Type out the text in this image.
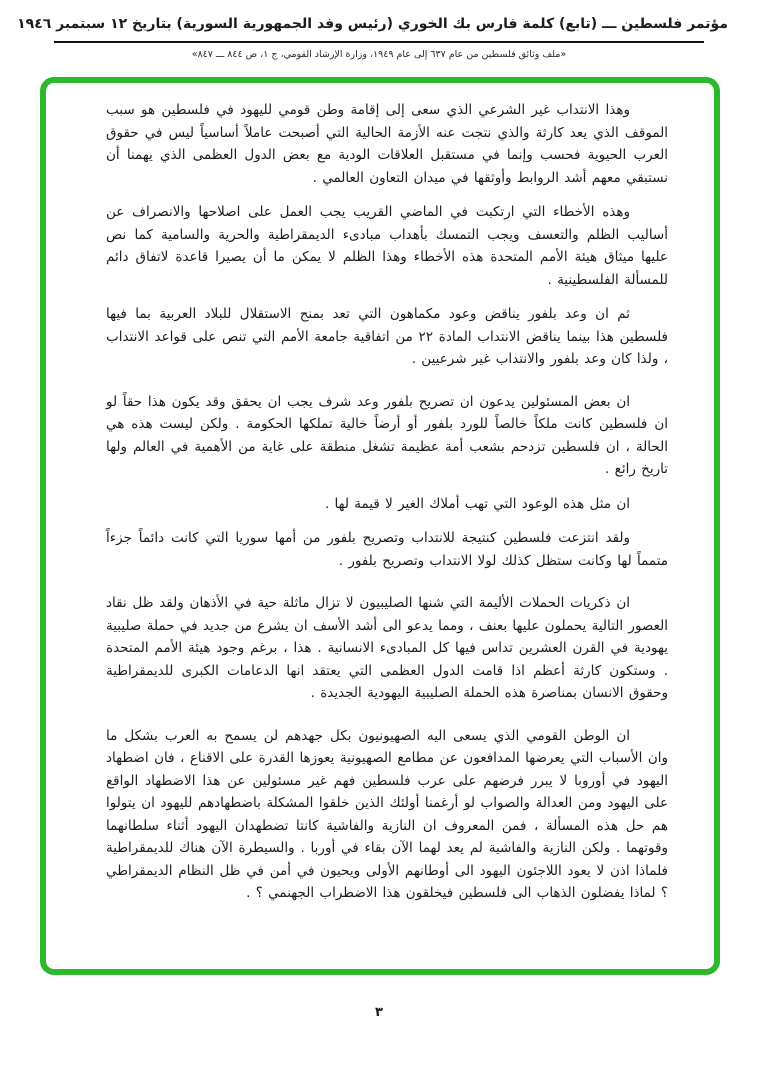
مؤتمر فلسطين ـــ (تابع) كلمة فارس بك الخوري (رئيس وفد الجمهورية السورية) بتاريخ ١٢ سبتمبر ١٩٤٦
«ملف وثائق فلسطين من عام ٦٣٧ إلى عام ١٩٤٩، وزارة الإرشاد القومي، ج ١، ص ٨٤٤ ـــ ٨٤٧»

وهذا الانتداب غير الشرعي الذي سعى إلى إقامة وطن قومي لليهود في فلسطين هو سبب الموقف الذي يعد كارثة والذي نتجت عنه الأزمة الحالية التي أصبحت عاملاً أساسياً ليس في حقوق العرب الحيوية فحسب وإنما في مستقبل العلاقات الودية مع بعض الدول العظمى الذي يهمنا أن نستبقي معهم أشد الروابط وأوثقها في ميدان التعاون العالمي .

وهذه الأخطاء التي ارتكبت في الماضي القريب يجب العمل على اصلاحها والانصراف عن أساليب الظلم والتعسف ويجب التمسك بأهداب مبادىء الديمقراطية والحرية والسامية كما نص عليها ميثاق هيئة الأمم المتحدة هذه الأخطاء وهذا الظلم لا يمكن ما أن يصيرا قاعدة لاتفاق دائم للمسألة الفلسطينية .

ثم ان وعد بلفور يناقض وعود مكماهون التي تعد بمنح الاستقلال للبلاد العربية بما فيها فلسطين هذا بينما يناقض الانتداب المادة ٢٢ من اتفاقية جامعة الأمم التي تنص على قواعد الانتداب ، ولذا كان وعد بلفور والانتداب غير شرعيين .

ان بعض المسئولين يدعون ان تصريح بلفور وعد شرف يجب ان يحقق وقد يكون هذا حقاً لو ان فلسطين كانت ملكاً خالصاً للورد بلفور أو أرضاً خالية تملكها الحكومة . ولكن ليست هذه هي الحالة ، ان فلسطين تزدحم بشعب أمة عظيمة تشغل منطقة على غاية من الأهمية في العالم ولها تاريخ رائع .

ان مثل هذه الوعود التي تهب أملاك الغير لا قيمة لها .

ولقد انتزعت فلسطين كنتيجة للانتداب وتصريح بلفور من أمها سوريا التي كانت دائماً جزءاً متمماً لها وكانت ستظل كذلك لولا الانتداب وتصريح بلفور .

ان ذكريات الحملات الأليمة التي شنها الصليبيون لا تزال ماثلة حية في الأذهان ولقد ظل نقاد العصور التالية يحملون عليها بعنف ، ومما يدعو الى أشد الأسف ان يشرع من جديد في حملة صليبية يهودية في القرن العشرين تداس فيها كل المبادىء الانسانية . هذا ، برغم وجود هيئة الأمم المتحدة . وستكون كارثة أعظم اذا قامت الدول العظمى التي يعتقد انها الدعامات الكبرى للديمقراطية وحقوق الانسان بمناصرة هذه الحملة الصليبية اليهودية الجديدة .

ان الوطن القومي الذي يسعى اليه الصهيونيون بكل جهدهم لن يسمح به العرب بشكل ما وان الأسباب التي يعرضها المدافعون عن مطامع الصهيونية يعوزها القدرة على الاقناع ، فان اضطهاد اليهود في أوروبا لا يبرر فرضهم على عرب فلسطين فهم غير مسئولين عن هذا الاضطهاد الواقع على اليهود ومن العدالة والصواب لو أرغمنا أولئك الذين خلقوا المشكلة باضطهادهم لليهود ان يتولوا هم حل هذه المسألة ، فمن المعروف ان النازية والفاشية كانتا تضطهدان اليهود أثناء سلطانهما وقوتهما . ولكن النازية والفاشية لم يعد لهما الآن بقاء في أوربا . والسيطرة الآن هناك للديمقراطية فلماذا اذن لا يعود اللاجئون اليهود الى أوطانهم الأولى ويحيون في أمن في ظل النظام الديمقراطي ؟ لماذا يفضلون الذهاب الى فلسطين فيخلقون هذا الاضطراب الجهنمي ؟ .

٣
